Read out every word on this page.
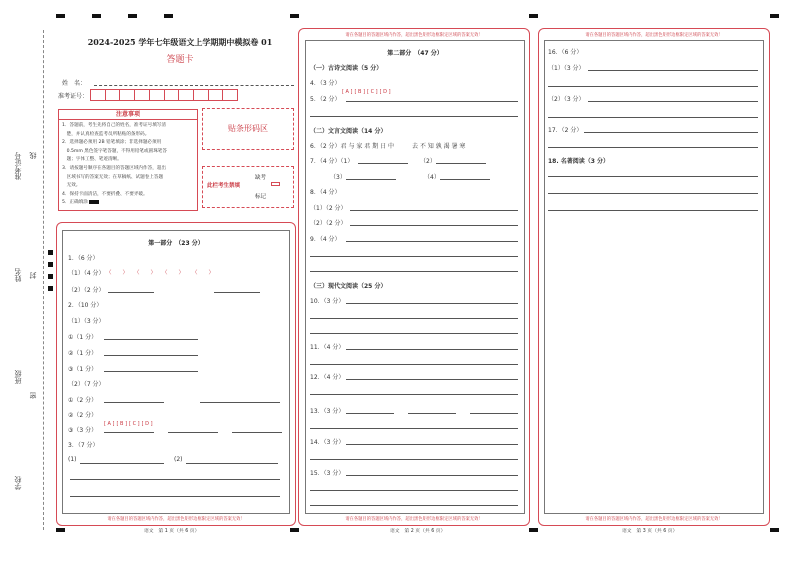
准考证号 线
姓名 封
班级
密
学校
2024-2025 学年七年级语文上学期期中模拟卷 01
答题卡
姓　名：
准考证号：
注意事项
1．答题前，考生先将自己的姓名，准考证号填写清
　楚，并认真检查监考员所粘贴的条形码。
2．选择题必须用 2B 铅笔填涂；非选择题必须用
　0.5mm 黑色签字笔答题，不得用铅笔或圆珠笔答
　题；字体工整、笔迹清晰。
3．请按题号顺序在各题目的答题区域内作答，超出
　区域书写的答案无效；在草稿纸、试题卷上答题
　无效。
4．保持卡面清洁，不要折叠、不要弄破。
5．正确填涂
贴条形码区
此栏考生禁填
缺考
标记
请在各题目的答题区域内作答，超出黑色矩形边框限定区域的答案无效！
第一部分　（23 分）
1．（6 分）
（1）（4 分） （　　） （　　） （　　） （　　）
（2）（2 分）
2．（10 分）
（1）（3 分）
①（1 分）
②（1 分）
③（1 分）
（2）（7 分）
①（2 分）
②（2 分）
[ A ] [ B ] [ C ] [ D ]
③（3 分）
3．（7 分）
(1)	(2)
语文　第 1 页（共 6 页）
请在各题目的答题区域内作答，超出黑色矩形边框限定区域的答案无效！
请在各题目的答题区域内作答，超出黑色矩形边框限定区域的答案无效！
第二部分　（47 分）
（一）古诗文阅读（5 分）
4．（3 分）
[ A ] [ B ] [ C ] [ D ]
5．（2 分）
（二）文言文阅读（14 分）
6．（2 分）君 与 家 君 期 日 中　　　去 不 知 孰 渴 暑 寒
7．（4 分）（1）	（2）
（3）	（4）
8．（4 分）
（1）（2 分）
（2）（2 分）
9．（4 分）
（三）现代文阅读（25 分）
10．（3 分）
11．（4 分）
12．（4 分）
13．（3 分）
14．（3 分）
15．（3 分）
语文　第 2 页（共 6 页）
请在各题目的答题区域内作答，超出黑色矩形边框限定区域的答案无效！
请在各题目的答题区域内作答，超出黑色矩形边框限定区域的答案无效！
16．（6 分）
（1）（3 分）
（2）（3 分）
17．（2 分）
18. 名著阅读（3 分）
语文　第 3 页（共 6 页）
